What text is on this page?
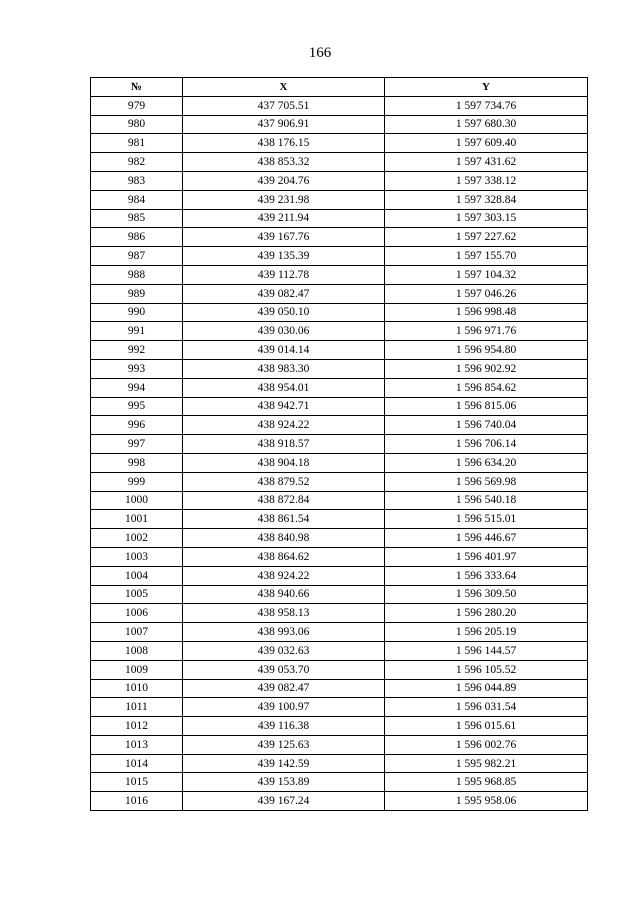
166
№	X	Y
979	437 705.51	1 597 734.76
980	437 906.91	1 597 680.30
981	438 176.15	1 597 609.40
982	438 853.32	1 597 431.62
983	439 204.76	1 597 338.12
984	439 231.98	1 597 328.84
985	439 211.94	1 597 303.15
986	439 167.76	1 597 227.62
987	439 135.39	1 597 155.70
988	439 112.78	1 597 104.32
989	439 082.47	1 597 046.26
990	439 050.10	1 596 998.48
991	439 030.06	1 596 971.76
992	439 014.14	1 596 954.80
993	438 983.30	1 596 902.92
994	438 954.01	1 596 854.62
995	438 942.71	1 596 815.06
996	438 924.22	1 596 740.04
997	438 918.57	1 596 706.14
998	438 904.18	1 596 634.20
999	438 879.52	1 596 569.98
1000	438 872.84	1 596 540.18
1001	438 861.54	1 596 515.01
1002	438 840.98	1 596 446.67
1003	438 864.62	1 596 401.97
1004	438 924.22	1 596 333.64
1005	438 940.66	1 596 309.50
1006	438 958.13	1 596 280.20
1007	438 993.06	1 596 205.19
1008	439 032.63	1 596 144.57
1009	439 053.70	1 596 105.52
1010	439 082.47	1 596 044.89
1011	439 100.97	1 596 031.54
1012	439 116.38	1 596 015.61
1013	439 125.63	1 596 002.76
1014	439 142.59	1 595 982.21
1015	439 153.89	1 595 968.85
1016	439 167.24	1 595 958.06
